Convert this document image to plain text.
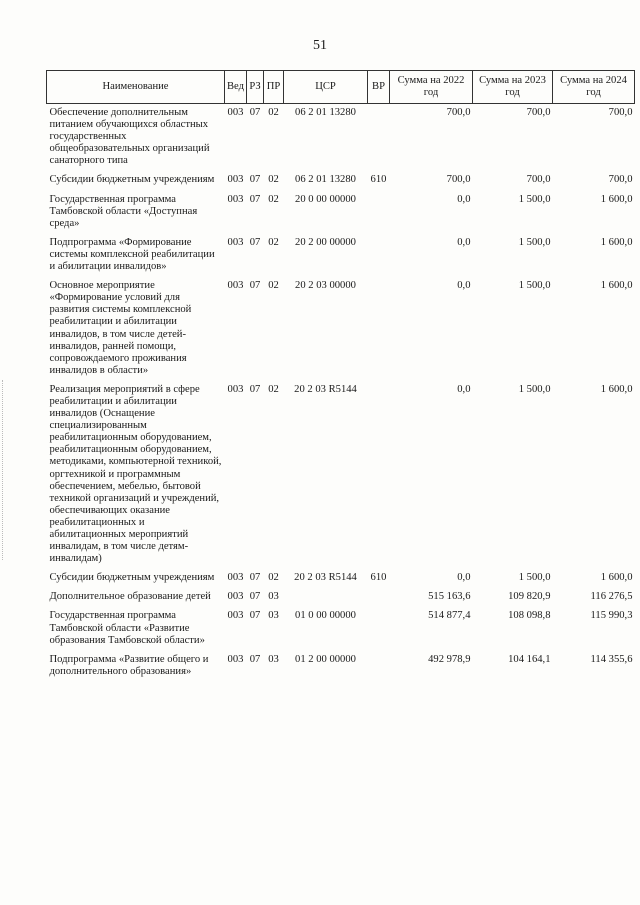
51
Наименование	Вед	РЗ	ПР	ЦСР	ВР	Сумма на 2022 год	Сумма на 2023 год	Сумма на 2024 год
Обеспечение дополнительным питанием обучающихся областных государственных общеобразовательных организаций санаторного типа	003	07	02	06 2 01 13280		700,0	700,0	700,0
Субсидии бюджетным учреждениям	003	07	02	06 2 01 13280	610	700,0	700,0	700,0
Государственная программа Тамбовской области «Доступная среда»	003	07	02	20 0 00 00000		0,0	1 500,0	1 600,0
Подпрограмма «Формирование системы комплексной реабилитации и абилитации инвалидов»	003	07	02	20 2 00 00000		0,0	1 500,0	1 600,0
Основное мероприятие «Формирование условий для развития системы комплексной реабилитации и абилитации инвалидов, в том числе детей-инвалидов, ранней помощи, сопровождаемого проживания инвалидов в области»	003	07	02	20 2 03 00000		0,0	1 500,0	1 600,0
Реализация мероприятий в сфере реабилитации и абилитации инвалидов (Оснащение специализированным реабилитационным оборудованием, реабилитационным оборудованием, методиками, компьютерной техникой, оргтехникой и программным обеспечением, мебелью, бытовой техникой организаций и учреждений, обеспечивающих оказание реабилитационных и абилитационных мероприятий инвалидам, в том числе детям-инвалидам)	003	07	02	20 2 03 R5144		0,0	1 500,0	1 600,0
Субсидии бюджетным учреждениям	003	07	02	20 2 03 R5144	610	0,0	1 500,0	1 600,0
Дополнительное образование детей	003	07	03			515 163,6	109 820,9	116 276,5
Государственная программа Тамбовской области «Развитие образования Тамбовской области»	003	07	03	01 0 00 00000		514 877,4	108 098,8	115 990,3
Подпрограмма «Развитие общего и дополнительного образования»	003	07	03	01 2 00 00000		492 978,9	104 164,1	114 355,6
